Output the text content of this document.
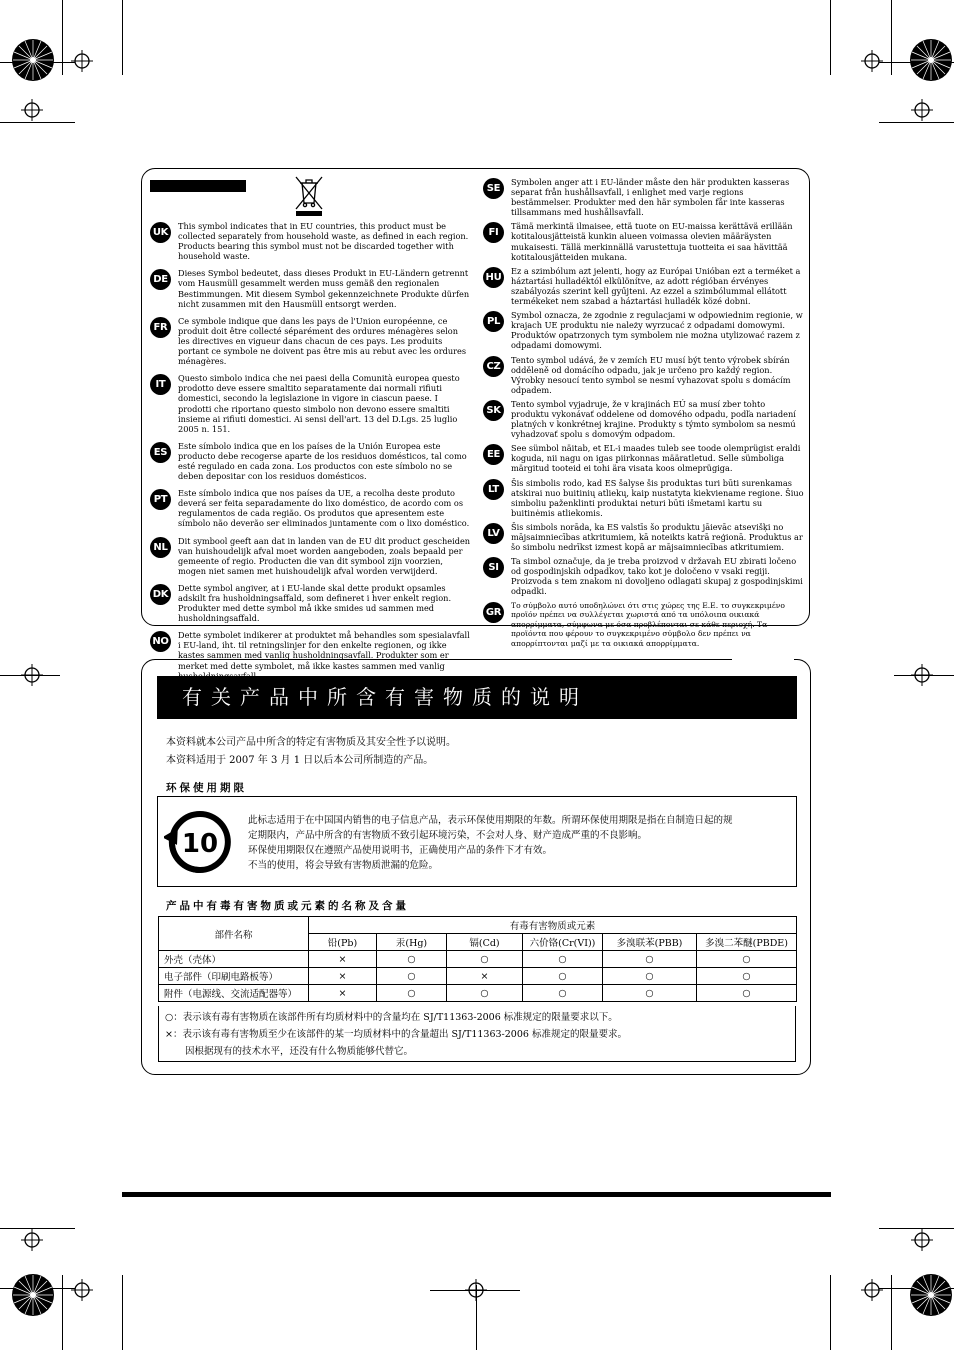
UK
This symbol indicates that in EU countries, this product must be collected separately from household waste, as defined in each region. Products bearing this symbol must not be discarded together with household waste.
DE
Dieses Symbol bedeutet, dass dieses Produkt in EU-Ländern getrennt vom Hausmüll gesammelt werden muss gemäß den regionalen Bestimmungen. Mit diesem Symbol gekennzeichnete Produkte dürfen nicht zusammen mit den Hausmüll entsorgt werden.
FR
Ce symbole indique que dans les pays de l'Union européenne, ce produit doit être collecté séparément des ordures ménagères selon les directives en vigueur dans chacun de ces pays. Les produits portant ce symbole ne doivent pas être mis au rebut avec les ordures ménagères.
IT
Questo simbolo indica che nei paesi della Comunità europea questo prodotto deve essere smaltito separatamente dai normali rifiuti domestici, secondo la legislazione in vigore in ciascun paese. I prodotti che riportano questo simbolo non devono essere smaltiti insieme ai rifiuti domestici. Ai sensi dell'art. 13 del D.Lgs. 25 luglio 2005 n. 151.
ES
Este símbolo indica que en los países de la Unión Europea este producto debe recogerse aparte de los residuos domésticos, tal como esté regulado en cada zona. Los productos con este símbolo no se deben depositar con los residuos domésticos.
PT
Este símbolo indica que nos países da UE, a recolha deste produto deverá ser feita separadamente do lixo doméstico, de acordo com os regulamentos de cada região. Os produtos que apresentem este símbolo não deverão ser eliminados juntamente com o lixo doméstico.
NL
Dit symbool geeft aan dat in landen van de EU dit product gescheiden van huishoudelijk afval moet worden aangeboden, zoals bepaald per gemeente of regio. Producten die van dit symbool zijn voorzien, mogen niet samen met huishoudelijk afval worden verwijderd.
DK
Dette symbol angiver, at i EU-lande skal dette produkt opsamles adskilt fra husholdningsaffald, som defineret i hver enkelt region. Produkter med dette symbol må ikke smides ud sammen med husholdningsaffald.
NO
Dette symbolet indikerer at produktet må behandles som spesialavfall i EU-land, iht. til retningslinjer for den enkelte regionen, og ikke kastes sammen med vanlig husholdningsavfall. Produkter som er merket med dette symbolet, må ikke kastes sammen med vanlig
SE
Symbolen anger att i EU-länder måste den här produkten kasseras separat från hushållsavfall, i enlighet med varje regions bestämmelser. Produkter med den här symbolen får inte kasseras tillsammans med hushållsavfall.
FI
Tämä merkintä ilmaisee, että tuote on EU-maissa kerättävä erillään kotitalousjätteistä kunkin alueen voimassa olevien määräysten mukaisesti. Tällä merkinnällä varustettuja tuotteita ei saa hävittää kotitalousjätteiden mukana.
HU
Ez a szimbólum azt jelenti, hogy az Európai Unióban ezt a terméket a háztartási hulladéktól elkülönítve, az adott régióban érvényes szabályozás szerint kell gyűjteni. Az ezzel a szimbólummal ellátott termékeket nem szabad a háztartási hulladék közé dobni.
PL
Symbol oznacza, że zgodnie z regulacjami w odpowiednim regionie, w krajach UE produktu nie należy wyrzucać z odpadami domowymi. Produktów opatrzonych tym symbolem nie można utylizować razem z odpadami domowymi.
CZ
Tento symbol udává, že v zemích EU musí být tento výrobek sbírán odděleně od domácího odpadu, jak je určeno pro každý region. Výrobky nesoucí tento symbol se nesmí vyhazovat spolu s domácím odpadem.
SK
Tento symbol vyjadruje, že v krajinách EÚ sa musí zber tohto produktu vykonávať oddelene od domového odpadu, podľa nariadení platných v konkrétnej krajine. Produkty s týmto symbolom sa nesmú vyhadzovať spolu s domovým odpadom.
EE
See sümbol näitab, et EL-i maades tuleb see toode olemprügist eraldi koguda, nii nagu on igas piirkonnas määratletud. Selle sümboliga märgitud tooteid ei tohi ära visata koos olmeprügiga.
LT
Šis simbolis rodo, kad ES šalyse šis produktas turi būti surenkamas atskirai nuo buitinių atliekų, kaip nustatyta kiekviename regione. Šiuo simboliu paženklinti produktai neturi būti išmetami kartu su buitinėmis atliekomis.
LV
Šis simbols norāda, ka ES valstīs šo produktu jāievāc atsevišķi no mājsaimniecības atkritumiem, kā noteikts katrā reģionā. Produktus ar šo simbolu nedrīkst izmest kopā ar mājsaimniecības atkritumiem.
SI
Ta simbol označuje, da je treba proizvod v državah EU zbirati ločeno od gospodinjskih odpadkov, tako kot je določeno v vsaki regiji. Proizvoda s tem znakom ni dovoljeno odlagati skupaj z gospodinjskimi odpadki.
GR
Το σύμβολο αυτό υποδηλώνει ότι στις χώρες της Ε.Ε. το συγκεκριμένο προϊόν πρέπει να συλλέγεται χωριστά από τα υπόλοιπα οικιακά απορρίμματα, σύμφωνα με όσα προβλέπονται σε κάθε περιοχή. Τα προϊόντα που φέρουν το συγκεκριμένο σύμβολο δεν πρέπει να απορρίπτονται μαζί με τα οικιακά απορρίμματα.
有关产品中所含有害物质的说明
本资料就本公司产品中所含的特定有害物质及其安全性予以说明。
本资料适用于 2007 年 3 月 1 日以后本公司所制造的产品。
环保使用期限
10
此标志适用于在中国国内销售的电子信息产品，表示环保使用期限的年数。所谓环保使用期限是指在自制造日起的规
定期限内，产品中所含的有害物质不致引起环境污染，不会对人身、财产造成严重的不良影响。
环保使用期限仅在遵照产品使用说明书，正确使用产品的条件下才有效。
不当的使用，将会导致有害物质泄漏的危险。
产品中有毒有害物质或元素的名称及含量
部件名称	有毒有害物质或元素					
	铅(Pb)	汞(Hg)	镉(Cd)	六价铬(Cr(VI))	多溴联苯(PBB)	多溴二苯醚(PBDE)
外壳（壳体）	×	○	○	○	○	○
电子部件（印刷电路板等）	×	○	×	○	○	○
附件（电源线、交流适配器等）	×	○	○	○	○	○
○：表示该有毒有害物质在该部件所有均质材料中的含量均在 SJ/T11363-2006 标准规定的限量要求以下。
×：表示该有毒有害物质至少在该部件的某一均质材料中的含量超出 SJ/T11363-2006 标准规定的限量要求。
因根据现有的技术水平，还没有什么物质能够代替它。
